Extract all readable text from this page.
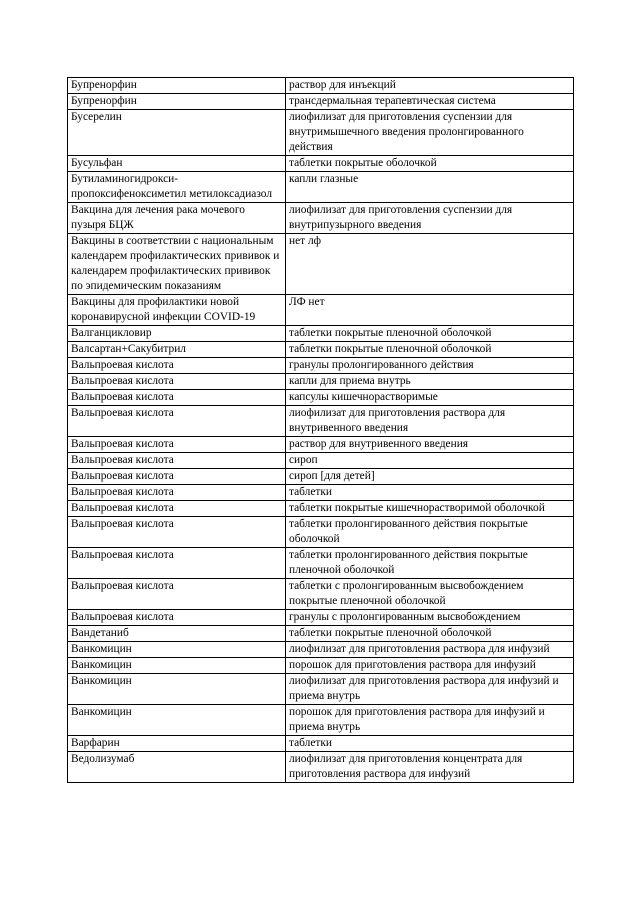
Бупренорфин	раствор для инъекций
Бупренорфин	трансдермальная терапевтическая система
Бусерелин	лиофилизат для приготовления суспензии для внутримышечного введения пролонгированного действия
Бусульфан	таблетки покрытые оболочкой
Бутиламиногидрокси-пропоксифеноксиметил метилоксадиазол	капли глазные
Вакцина для лечения рака мочевого пузыря БЦЖ	лиофилизат для приготовления суспензии для внутрипузырного введения
Вакцины в соответствии с национальным календарем профилактических прививок и календарем профилактических прививок по эпидемическим показаниям	нет лф
Вакцины для профилактики новой коронавирусной инфекции COVID-19	ЛФ нет
Валганцикловир	таблетки покрытые пленочной оболочкой
Валсартан+Сакубитрил	таблетки покрытые пленочной оболочкой
Вальпроевая кислота	гранулы пролонгированного действия
Вальпроевая кислота	капли для приема внутрь
Вальпроевая кислота	капсулы кишечнорастворимые
Вальпроевая кислота	лиофилизат для приготовления раствора для внутривенного введения
Вальпроевая кислота	раствор для внутривенного введения
Вальпроевая кислота	сироп
Вальпроевая кислота	сироп [для детей]
Вальпроевая кислота	таблетки
Вальпроевая кислота	таблетки покрытые кишечнорастворимой оболочкой
Вальпроевая кислота	таблетки пролонгированного действия покрытые оболочкой
Вальпроевая кислота	таблетки пролонгированного действия покрытые пленочной оболочкой
Вальпроевая кислота	таблетки с пролонгированным высвобождением покрытые пленочной оболочкой
Вальпроевая кислота	гранулы с пролонгированным высвобождением
Вандетаниб	таблетки покрытые пленочной оболочкой
Ванкомицин	лиофилизат для приготовления раствора для инфузий
Ванкомицин	порошок для приготовления раствора для инфузий
Ванкомицин	лиофилизат для приготовления раствора для инфузий и приема внутрь
Ванкомицин	порошок для приготовления раствора для инфузий и приема внутрь
Варфарин	таблетки
Ведолизумаб	лиофилизат для приготовления концентрата для приготовления раствора для инфузий
